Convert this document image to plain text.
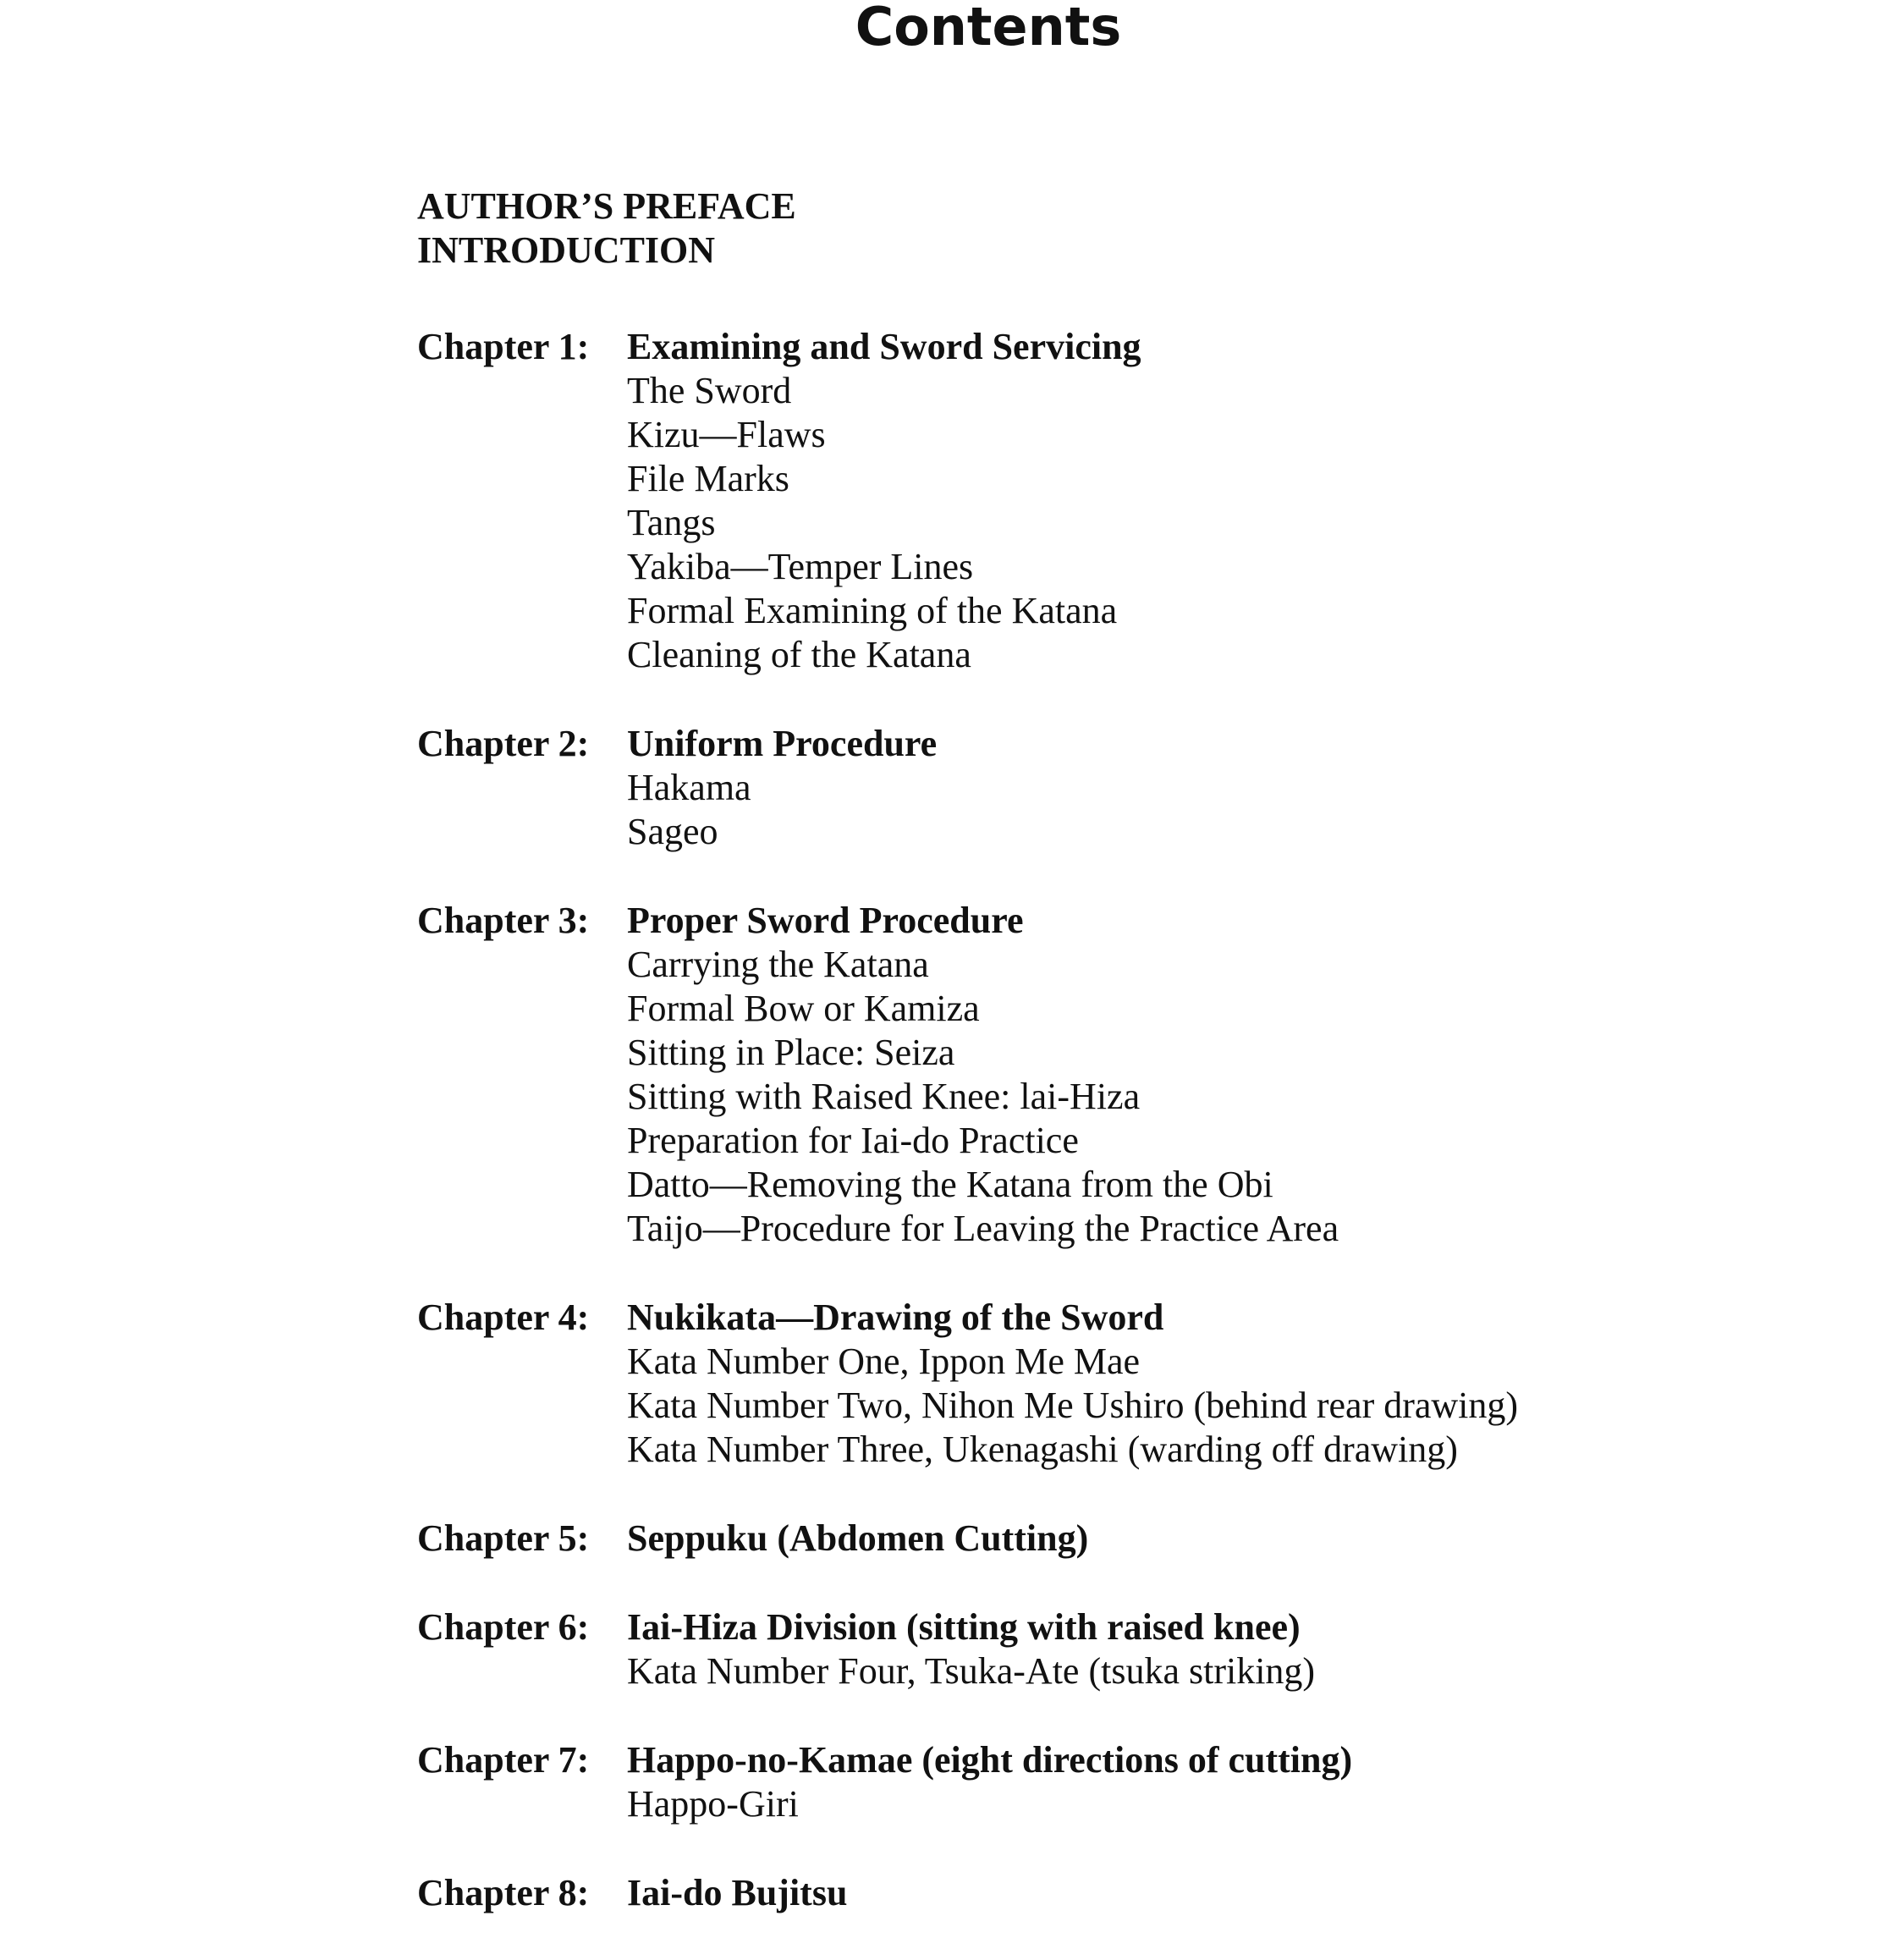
Contents
AUTHOR’S PREFACE
INTRODUCTION
Chapter 1:	Examining and Sword Servicing
The Sword
Kizu—Flaws
File Marks
Tangs
Yakiba—Temper Lines
Formal Examining of the Katana
Cleaning of the Katana
Chapter 2:	Uniform Procedure
Hakama
Sageo
Chapter 3:	Proper Sword Procedure
Carrying the Katana
Formal Bow or Kamiza
Sitting in Place: Seiza
Sitting with Raised Knee: lai-Hiza
Preparation for Iai-do Practice
Datto—Removing the Katana from the Obi
Taijo—Procedure for Leaving the Practice Area
Chapter 4:	Nukikata—Drawing of the Sword
Kata Number One, Ippon Me Mae
Kata Number Two, Nihon Me Ushiro (behind rear drawing)
Kata Number Three, Ukenagashi (warding off drawing)
Chapter 5:	Seppuku (Abdomen Cutting)
Chapter 6:	Iai-Hiza Division (sitting with raised knee)
Kata Number Four, Tsuka-Ate (tsuka striking)
Chapter 7:	Happo-no-Kamae (eight directions of cutting)
Happo-Giri
Chapter 8:	Iai-do Bujitsu
